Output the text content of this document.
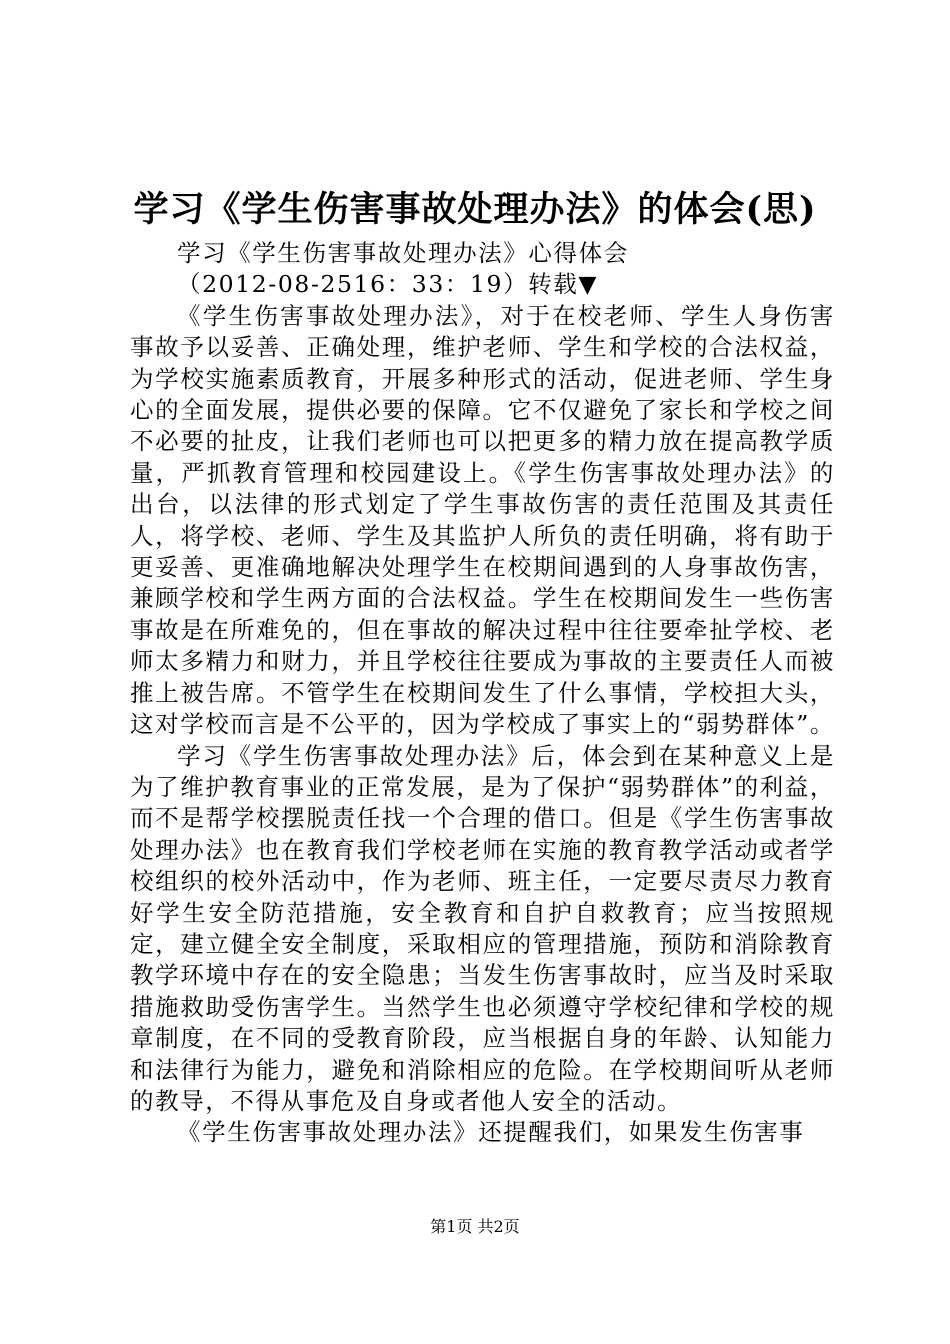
学习《学生伤害事故处理办法》的体会(思)

学习《学生伤害事故处理办法》心得体会

（2012-08-2516：33：19）转载▼

《学生伤害事故处理办法》，对于在校老师、学生人身伤害事故予以妥善、正确处理，维护老师、学生和学校的合法权益，为学校实施素质教育，开展多种形式的活动，促进老师、学生身心的全面发展，提供必要的保障。它不仅避免了家长和学校之间不必要的扯皮，让我们老师也可以把更多的精力放在提高教学质量，严抓教育管理和校园建设上。《学生伤害事故处理办法》的出台，以法律的形式划定了学生事故伤害的责任范围及其责任人，将学校、老师、学生及其监护人所负的责任明确，将有助于更妥善、更准确地解决处理学生在校期间遇到的人身事故伤害，兼顾学校和学生两方面的合法权益。学生在校期间发生一些伤害事故是在所难免的，但在事故的解决过程中往往要牵扯学校、老师太多精力和财力，并且学校往往要成为事故的主要责任人而被推上被告席。不管学生在校期间发生了什么事情，学校担大头，这对学校而言是不公平的，因为学校成了事实上的“弱势群体”。

学习《学生伤害事故处理办法》后，体会到在某种意义上是为了维护教育事业的正常发展，是为了保护“弱势群体”的利益，而不是帮学校摆脱责任找一个合理的借口。但是《学生伤害事故处理办法》也在教育我们学校老师在实施的教育教学活动或者学校组织的校外活动中，作为老师、班主任，一定要尽责尽力教育好学生安全防范措施，安全教育和自护自救教育；应当按照规定，建立健全安全制度，采取相应的管理措施，预防和消除教育教学环境中存在的安全隐患；当发生伤害事故时，应当及时采取措施救助受伤害学生。当然学生也必须遵守学校纪律和学校的规章制度，在不同的受教育阶段，应当根据自身的年龄、认知能力和法律行为能力，避免和消除相应的危险。在学校期间听从老师的教导，不得从事危及自身或者他人安全的活动。

《学生伤害事故处理办法》还提醒我们，如果发生伤害事

第1页 共2页
